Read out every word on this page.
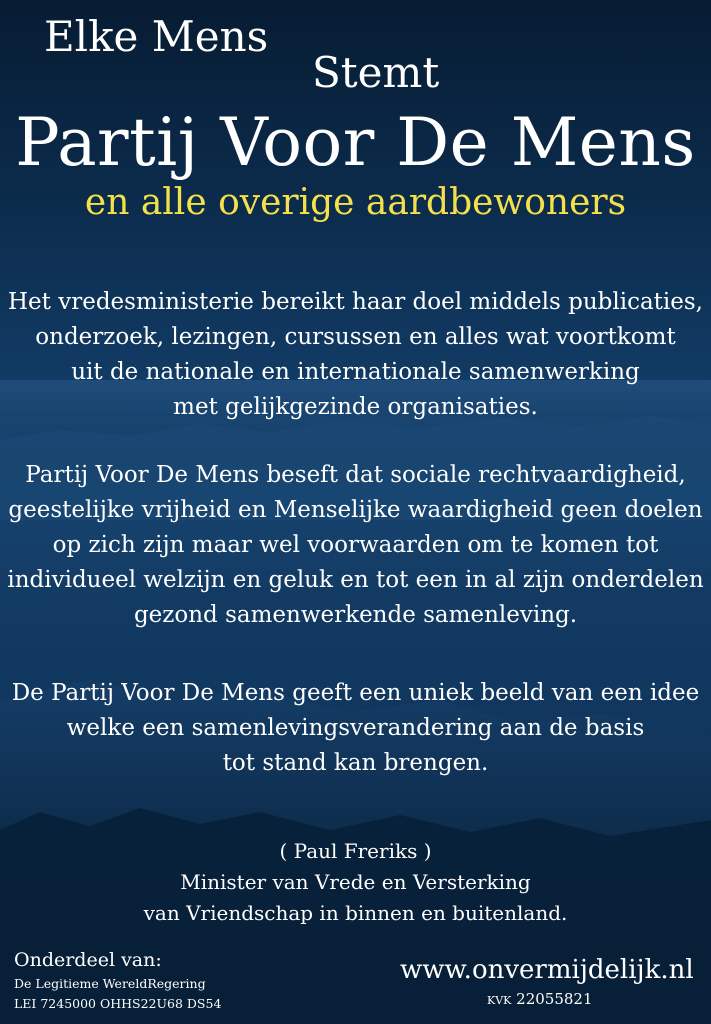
Elke Mens

Stemt

Partij Voor De Mens

en alle overige aardbewoners

Het vredesministerie bereikt haar doel middels publicaties,
onderzoek, lezingen, cursussen en alles wat voortkomt
uit de nationale en internationale samenwerking
met gelijkgezinde organisaties.
Partij Voor De Mens beseft dat sociale rechtvaardigheid,
geestelijke vrijheid en Menselijke waardigheid geen doelen
op zich zijn maar wel voorwaarden om te komen tot
individueel welzijn en geluk en tot een in al zijn onderdelen
gezond samenwerkende samenleving.
De Partij Voor De Mens geeft een uniek beeld van een idee
welke een samenlevingsverandering aan de basis
tot stand kan brengen.
( Paul Freriks )
Minister van Vrede en Versterking
van Vriendschap in binnen en buitenland.

Onderdeel van:

De Legitieme WereldRegering

LEI 7245000 OHHS22U68 DS54

www.onvermijdelijk.nl

KVK 22055821
